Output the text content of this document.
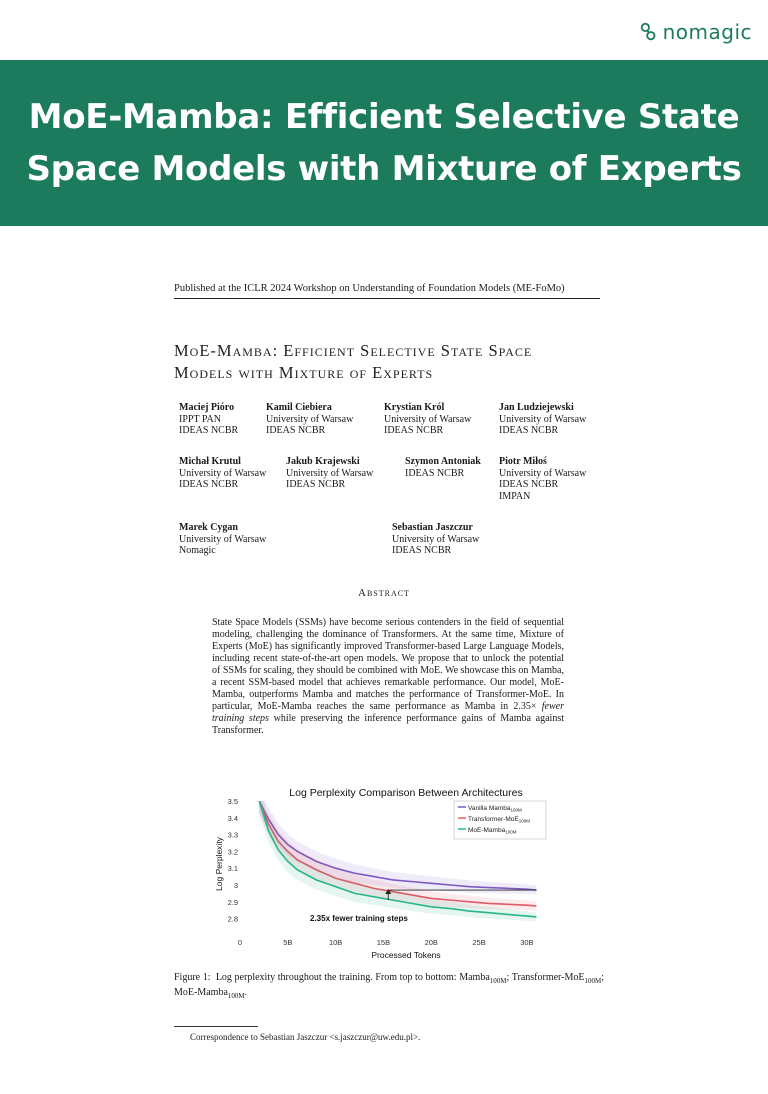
nomagic
MoE-Mamba: Efficient Selective State Space Models with Mixture of Experts
Published at the ICLR 2024 Workshop on Understanding of Foundation Models (ME-FoMo)
MoE-Mamba: Efficient Selective State Space
Models with Mixture of Experts
Maciej Pióro
IPPT PAN
IDEAS NCBR
Kamil Ciebiera
University of Warsaw
IDEAS NCBR
Krystian Król
University of Warsaw
IDEAS NCBR
Jan Ludziejewski
University of Warsaw
IDEAS NCBR
Michał Krutul
University of Warsaw
IDEAS NCBR
Jakub Krajewski
University of Warsaw
IDEAS NCBR
Szymon Antoniak
IDEAS NCBR
Piotr Miłoś
University of Warsaw
IDEAS NCBR
IMPAN
Marek Cygan
University of Warsaw
Nomagic
Sebastian Jaszczur
University of Warsaw
IDEAS NCBR
Abstract
State Space Models (SSMs) have become serious contenders in the field of sequential modeling, challenging the dominance of Transformers. At the same time, Mixture of Experts (MoE) has significantly improved Transformer-based Large Language Models, including recent state-of-the-art open models. We propose that to unlock the potential of SSMs for scaling, they should be combined with MoE. We showcase this on Mamba, a recent SSM-based model that achieves remarkable performance. Our model, MoE-Mamba, outperforms Mamba and matches the performance of Transformer-MoE. In particular, MoE-Mamba reaches the same performance as Mamba in 2.35× fewer training steps while preserving the inference performance gains of Mamba against Transformer.
Log Perplexity Comparison Between Architectures
3.5
3.4
3.3
3.2
3.1
3
2.9
2.8
0	5B	10B	15B	20B	25B	30B
Processed Tokens
Log Perplexity
2.35x fewer training steps
Vanilla Mamba$_{100M}$
Transformer-MoE$_{100M}$
MoE-Mamba$_{100M}$
Figure 1: Log perplexity throughout the training. From top to bottom: Mamba$_{100M}$; Transformer-MoE$_{100M}$; MoE-Mamba$_{100M}$.
Correspondence to Sebastian Jaszczur <s.jaszczur@uw.edu.pl>.
